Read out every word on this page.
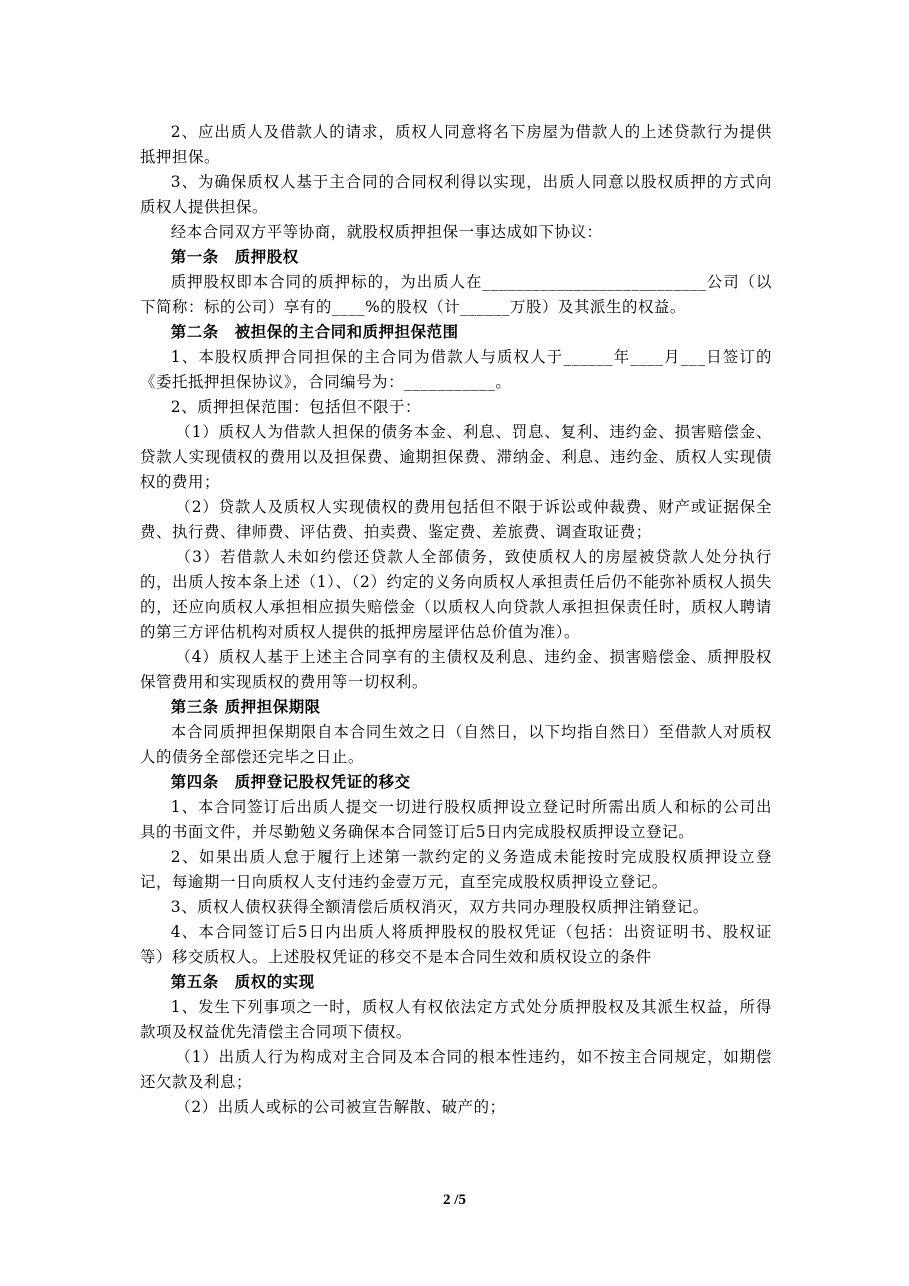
2、应出质人及借款人的请求，质权人同意将名下房屋为借款人的上述贷款行为提供抵押担保。

3、为确保质权人基于主合同的合同权利得以实现，出质人同意以股权质押的方式向质权人提供担保。

经本合同双方平等协商，就股权质押担保一事达成如下协议：

第一条　质押股权

质押股权即本合同的质押标的，为出质人在___________________________公司（以下简称：标的公司）享有的____%的股权（计______万股）及其派生的权益。

第二条　被担保的主合同和质押担保范围

1、本股权质押合同担保的主合同为借款人与质权人于______年____月___日签订的《委托抵押担保协议》，合同编号为：___________。

2、质押担保范围：包括但不限于：

（1）质权人为借款人担保的债务本金、利息、罚息、复利、违约金、损害赔偿金、贷款人实现债权的费用以及担保费、逾期担保费、滞纳金、利息、违约金、质权人实现债权的费用；

（2）贷款人及质权人实现债权的费用包括但不限于诉讼或仲裁费、财产或证据保全费、执行费、律师费、评估费、拍卖费、鉴定费、差旅费、调查取证费；

（3）若借款人未如约偿还贷款人全部债务，致使质权人的房屋被贷款人处分执行的，出质人按本条上述（1）、（2）约定的义务向质权人承担责任后仍不能弥补质权人损失的，还应向质权人承担相应损失赔偿金（以质权人向贷款人承担担保责任时，质权人聘请的第三方评估机构对质权人提供的抵押房屋评估总价值为准）。

（4）质权人基于上述主合同享有的主债权及利息、违约金、损害赔偿金、质押股权保管费用和实现质权的费用等一切权利。

第三条 质押担保期限

本合同质押担保期限自本合同生效之日（自然日，以下均指自然日）至借款人对质权人的债务全部偿还完毕之日止。

第四条　质押登记股权凭证的移交

1、本合同签订后出质人提交一切进行股权质押设立登记时所需出质人和标的公司出具的书面文件，并尽勤勉义务确保本合同签订后5日内完成股权质押设立登记。

2、如果出质人怠于履行上述第一款约定的义务造成未能按时完成股权质押设立登记，每逾期一日向质权人支付违约金壹万元，直至完成股权质押设立登记。

3、质权人债权获得全额清偿后质权消灭，双方共同办理股权质押注销登记。

4、本合同签订后5日内出质人将质押股权的股权凭证（包括：出资证明书、股权证等）移交质权人。上述股权凭证的移交不是本合同生效和质权设立的条件

第五条　质权的实现

1、发生下列事项之一时，质权人有权依法定方式处分质押股权及其派生权益，所得款项及权益优先清偿主合同项下债权。

（1）出质人行为构成对主合同及本合同的根本性违约，如不按主合同规定，如期偿还欠款及利息；

（2）出质人或标的公司被宣告解散、破产的；

2 /5
